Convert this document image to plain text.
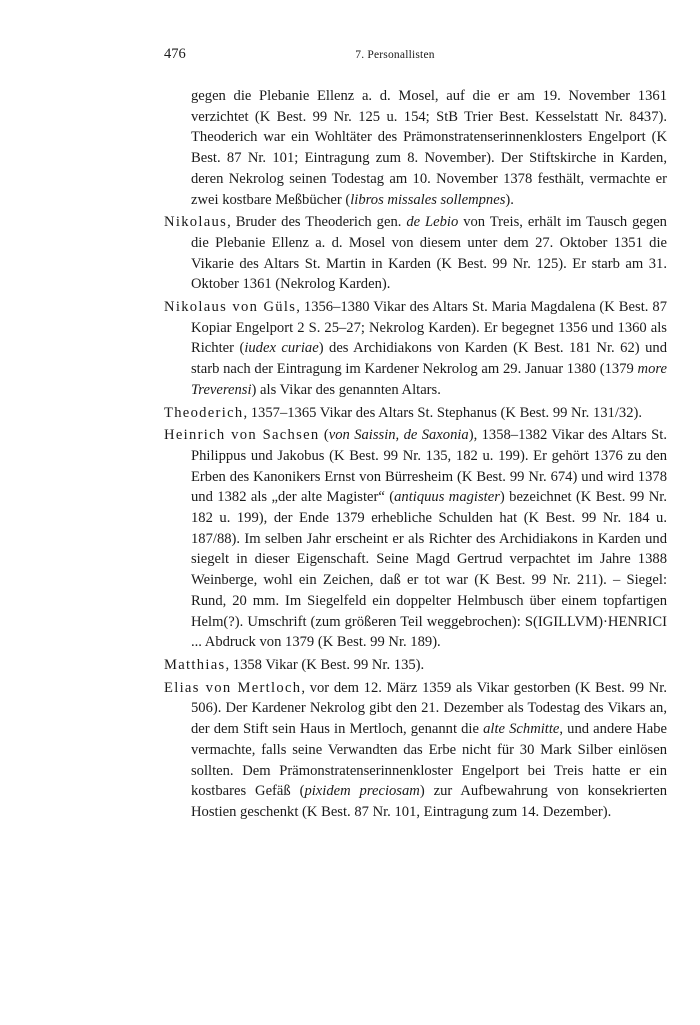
476	7. Personallisten

gegen die Plebanie Ellenz a. d. Mosel, auf die er am 19. November 1361 verzichtet (K Best. 99 Nr. 125 u. 154; StB Trier Best. Kesselstatt Nr. 8437). Theoderich war ein Wohltäter des Prämonstratenserinnenklosters Engelport (K Best. 87 Nr. 101; Eintragung zum 8. November). Der Stiftskirche in Karden, deren Nekrolog seinen Todestag am 10. November 1378 festhält, vermachte er zwei kostbare Meßbücher (libros missales sollempnes).

Nikolaus, Bruder des Theoderich gen. de Lebio von Treis, erhält im Tausch gegen die Plebanie Ellenz a. d. Mosel von diesem unter dem 27. Oktober 1351 die Vikarie des Altars St. Martin in Karden (K Best. 99 Nr. 125). Er starb am 31. Oktober 1361 (Nekrolog Karden).

Nikolaus von Güls, 1356–1380 Vikar des Altars St. Maria Magdalena (K Best. 87 Kopiar Engelport 2 S. 25–27; Nekrolog Karden). Er begegnet 1356 und 1360 als Richter (iudex curiae) des Archidiakons von Karden (K Best. 181 Nr. 62) und starb nach der Eintragung im Kardener Nekrolog am 29. Januar 1380 (1379 more Treverensi) als Vikar des genannten Altars.

Theoderich, 1357–1365 Vikar des Altars St. Stephanus (K Best. 99 Nr. 131/32).

Heinrich von Sachsen (von Saissin, de Saxonia), 1358–1382 Vikar des Altars St. Philippus und Jakobus (K Best. 99 Nr. 135, 182 u. 199). Er gehört 1376 zu den Erben des Kanonikers Ernst von Bürresheim (K Best. 99 Nr. 674) und wird 1378 und 1382 als „der alte Magister“ (antiquus magister) bezeichnet (K Best. 99 Nr. 182 u. 199), der Ende 1379 erhebliche Schulden hat (K Best. 99 Nr. 184 u. 187/88). Im selben Jahr erscheint er als Richter des Archidiakons in Karden und siegelt in dieser Eigenschaft. Seine Magd Gertrud verpachtet im Jahre 1388 Weinberge, wohl ein Zeichen, daß er tot war (K Best. 99 Nr. 211). – Siegel: Rund, 20 mm. Im Siegelfeld ein doppelter Helmbusch über einem topfartigen Helm(?). Umschrift (zum größeren Teil weggebrochen): S(IGILLVM)·HENRICI ... Abdruck von 1379 (K Best. 99 Nr. 189).

Matthias, 1358 Vikar (K Best. 99 Nr. 135).

Elias von Mertloch, vor dem 12. März 1359 als Vikar gestorben (K Best. 99 Nr. 506). Der Kardener Nekrolog gibt den 21. Dezember als Todestag des Vikars an, der dem Stift sein Haus in Mertloch, genannt die alte Schmitte, und andere Habe vermachte, falls seine Verwandten das Erbe nicht für 30 Mark Silber einlösen sollten. Dem Prämonstratenserinnenkloster Engelport bei Treis hatte er ein kostbares Gefäß (pixidem preciosam) zur Aufbewahrung von konsekrierten Hostien geschenkt (K Best. 87 Nr. 101, Eintragung zum 14. Dezember).
